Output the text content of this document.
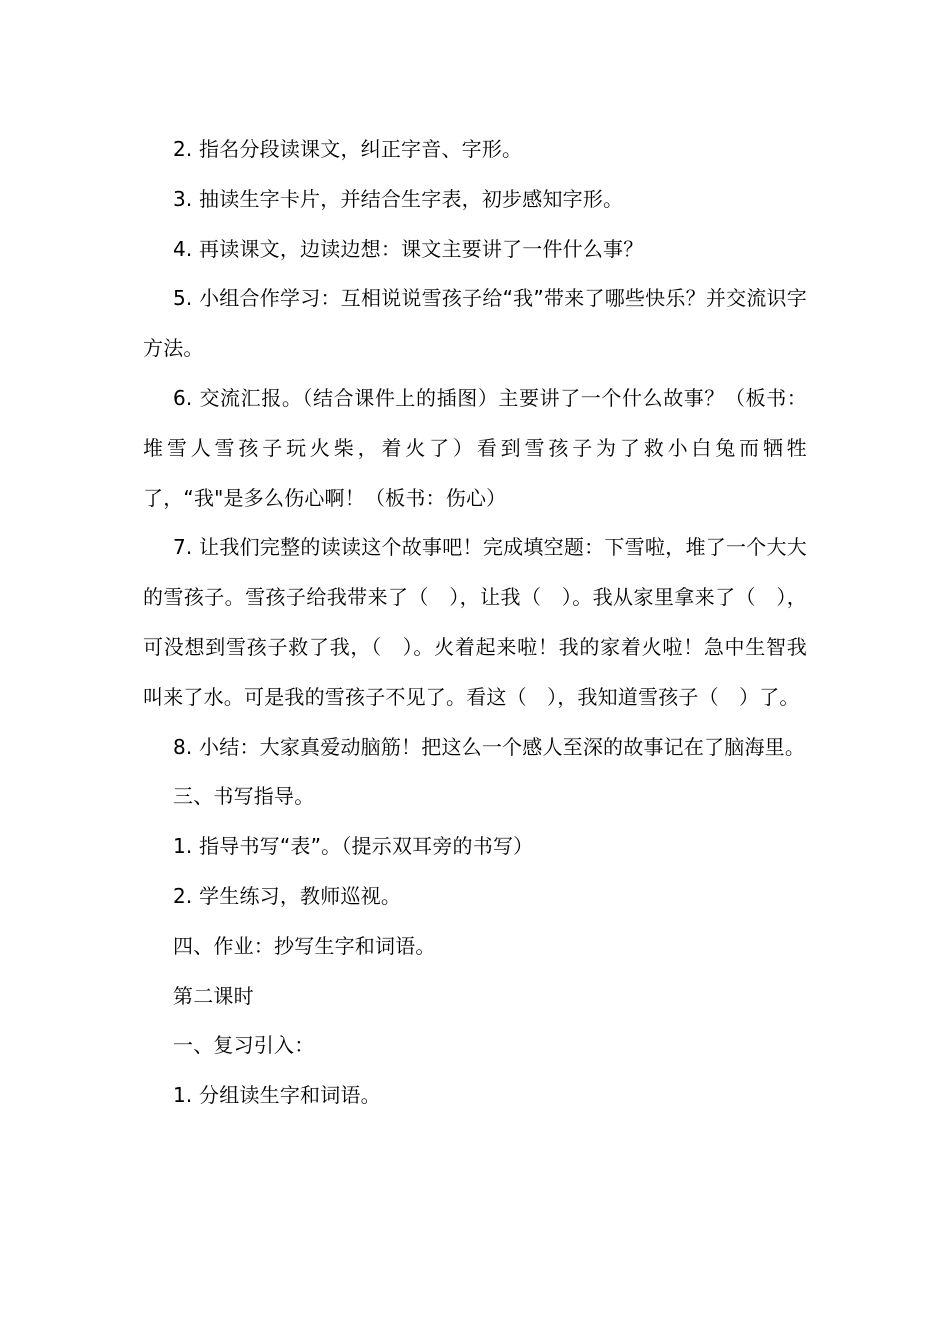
2. 指名分段读课文，纠正字音、字形。

3. 抽读生字卡片，并结合生字表，初步感知字形。

4. 再读课文，边读边想：课文主要讲了一件什么事？

5. 小组合作学习：互相说说雪孩子给“我”带来了哪些快乐？并交流识字方法。

6. 交流汇报。（结合课件上的插图）主要讲了一个什么故事？（板书：堆雪人雪孩子玩火柴，着火了）看到雪孩子为了救小白兔而牺牲了，“我"是多么伤心啊！（板书：伤心）

7. 让我们完整的读读这个故事吧！完成填空题：下雪啦，堆了一个大大的雪孩子。雪孩子给我带来了（　），让我（　）。我从家里拿来了（　），可没想到雪孩子救了我，（　）。火着起来啦！我的家着火啦！急中生智我叫来了水。可是我的雪孩子不见了。看这（　），我知道雪孩子（　）了。

8. 小结：大家真爱动脑筋！把这么一个感人至深的故事记在了脑海里。

三、书写指导。

1. 指导书写“表”。（提示双耳旁的书写）

2. 学生练习，教师巡视。

四、作业：抄写生字和词语。

第二课时

一、复习引入：

1. 分组读生字和词语。
